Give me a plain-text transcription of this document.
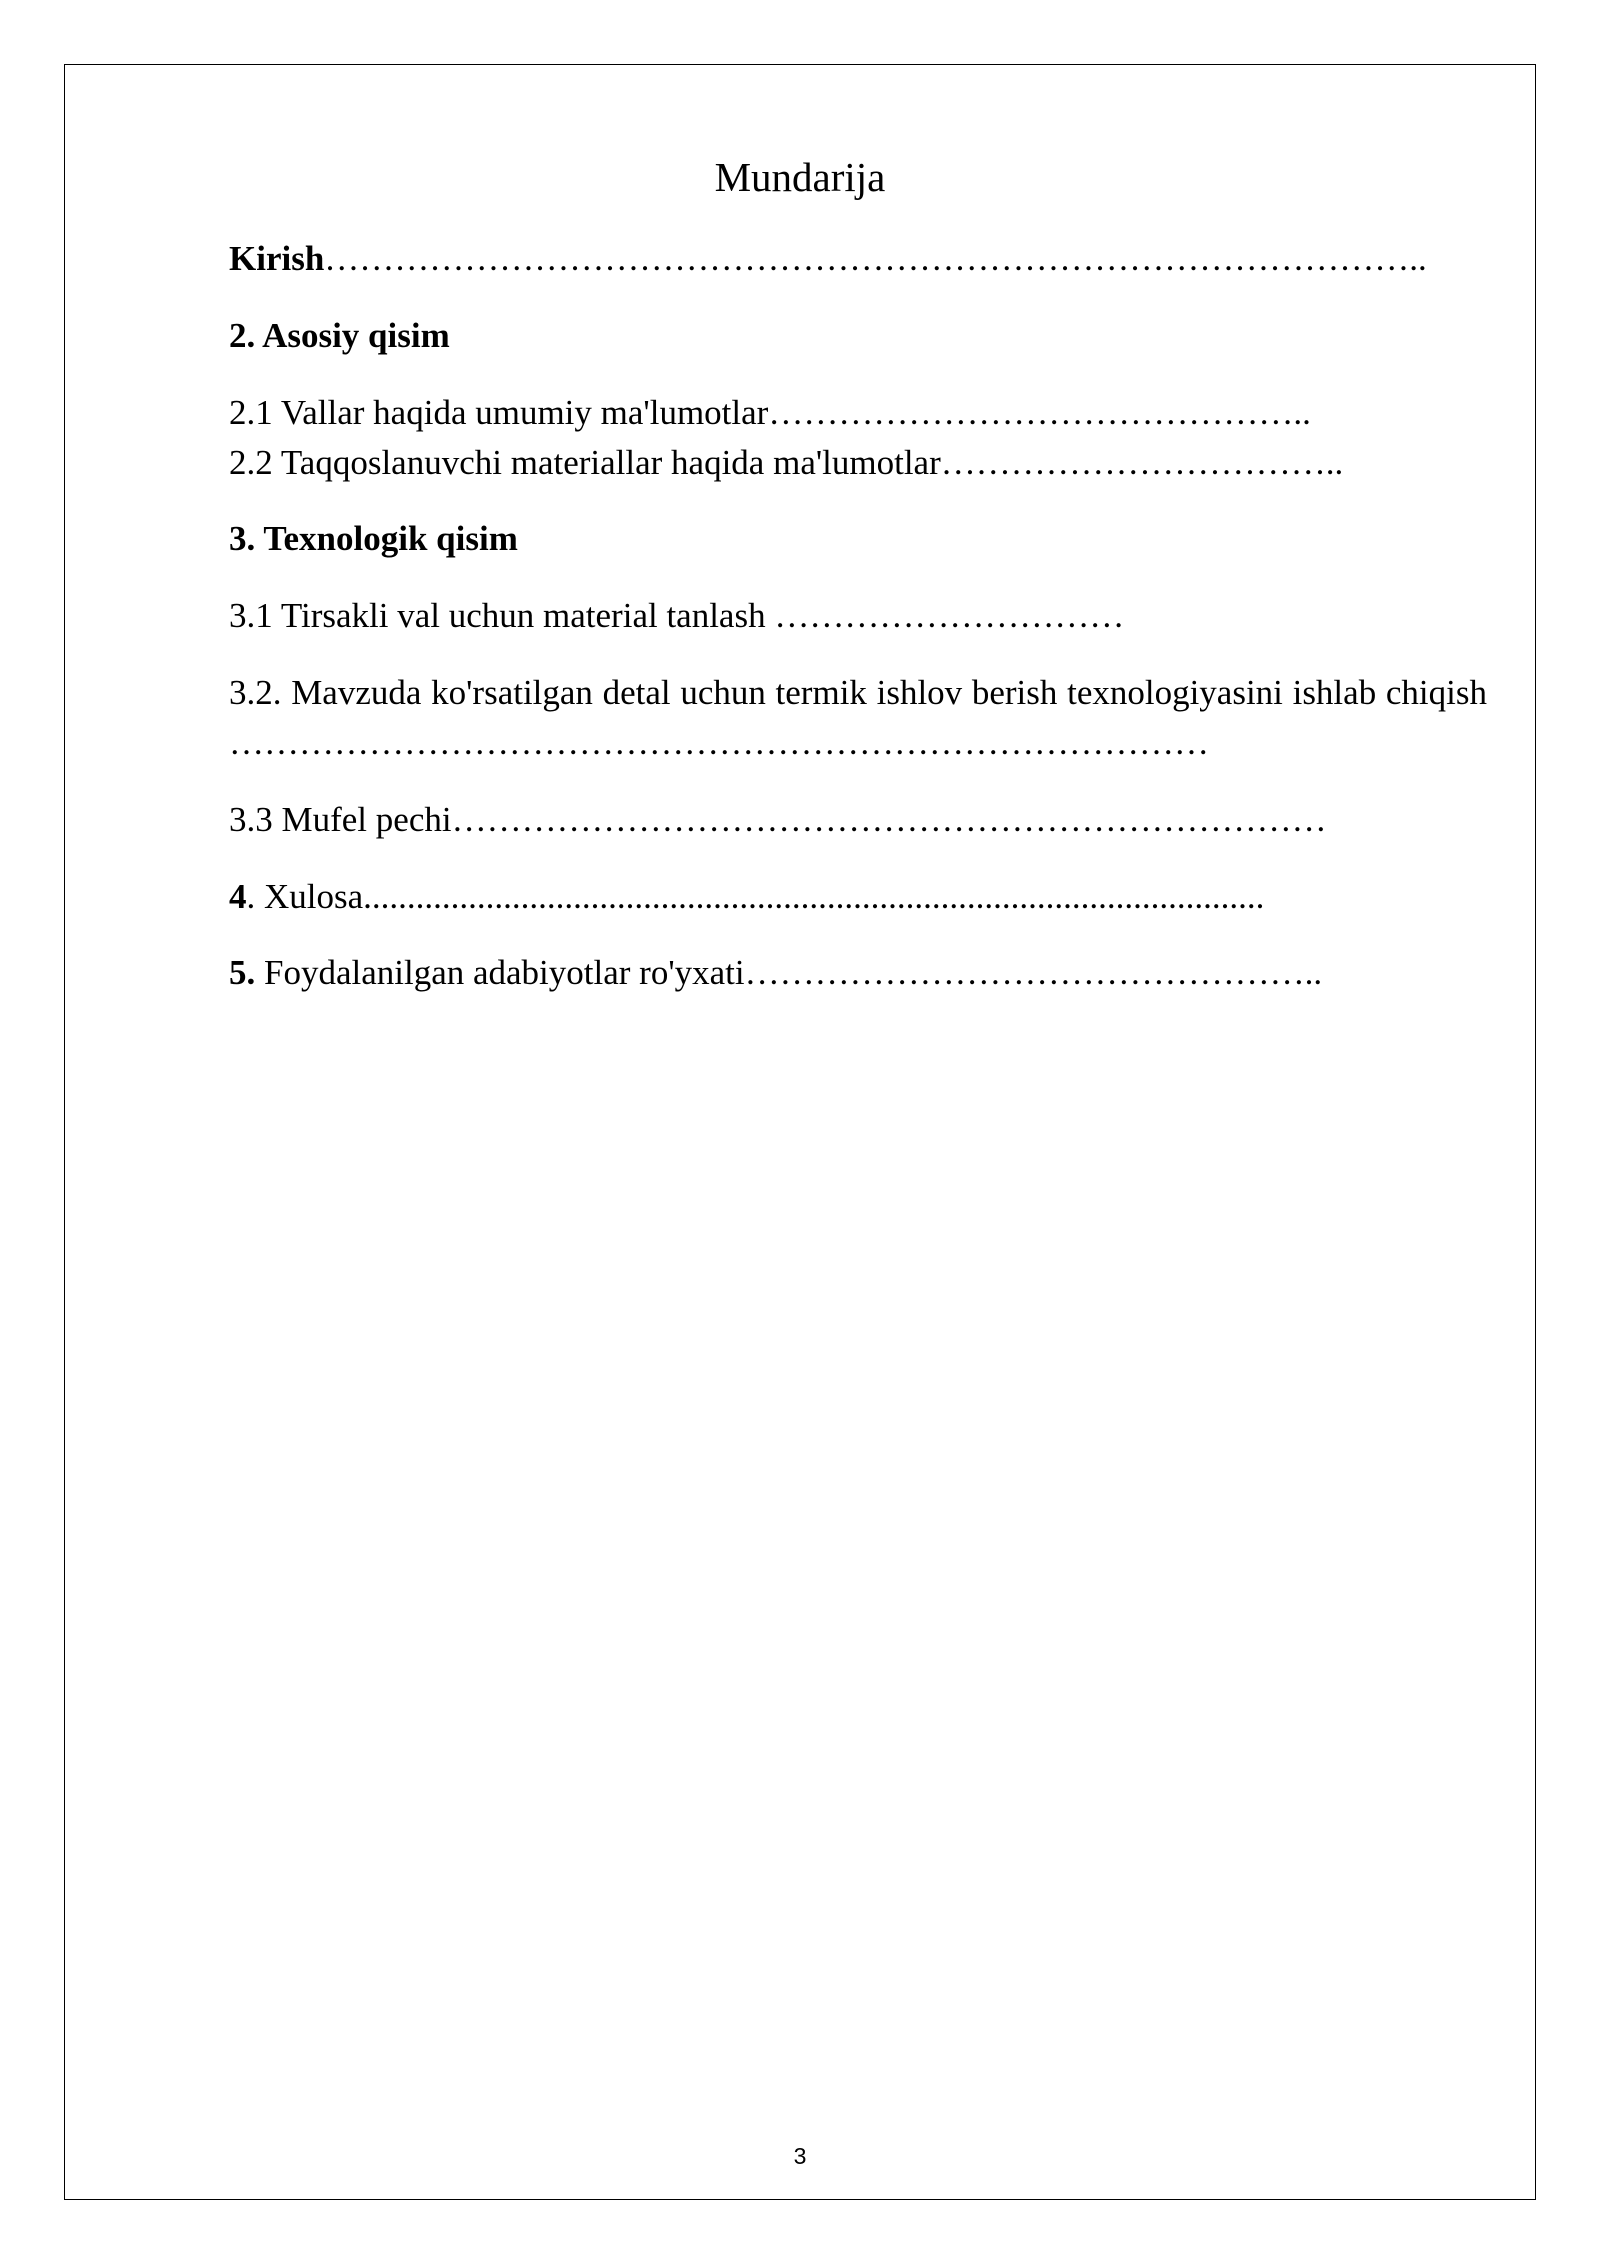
Mundarija
Kirish…………………………………………………………………………………..
2. Asosiy qisim
2.1 Vallar haqida umumiy ma'lumotlar………………………………………..
2.2 Taqqoslanuvchi materiallar haqida ma'lumotlar……………………………..
3. Texnologik qisim
3.1 Tirsakli val uchun material tanlash …………………………
3.2. Mavzuda ko'rsatilgan detal uchun termik ishlov berish texnologiyasini ishlab chiqish …………………………………………………………………………
3.3 Mufel pechi…………………………………………………………………
4. Xulosa.......................................................................................................
5. Foydalanilgan adabiyotlar ro'yxati…………………………………………..
3
